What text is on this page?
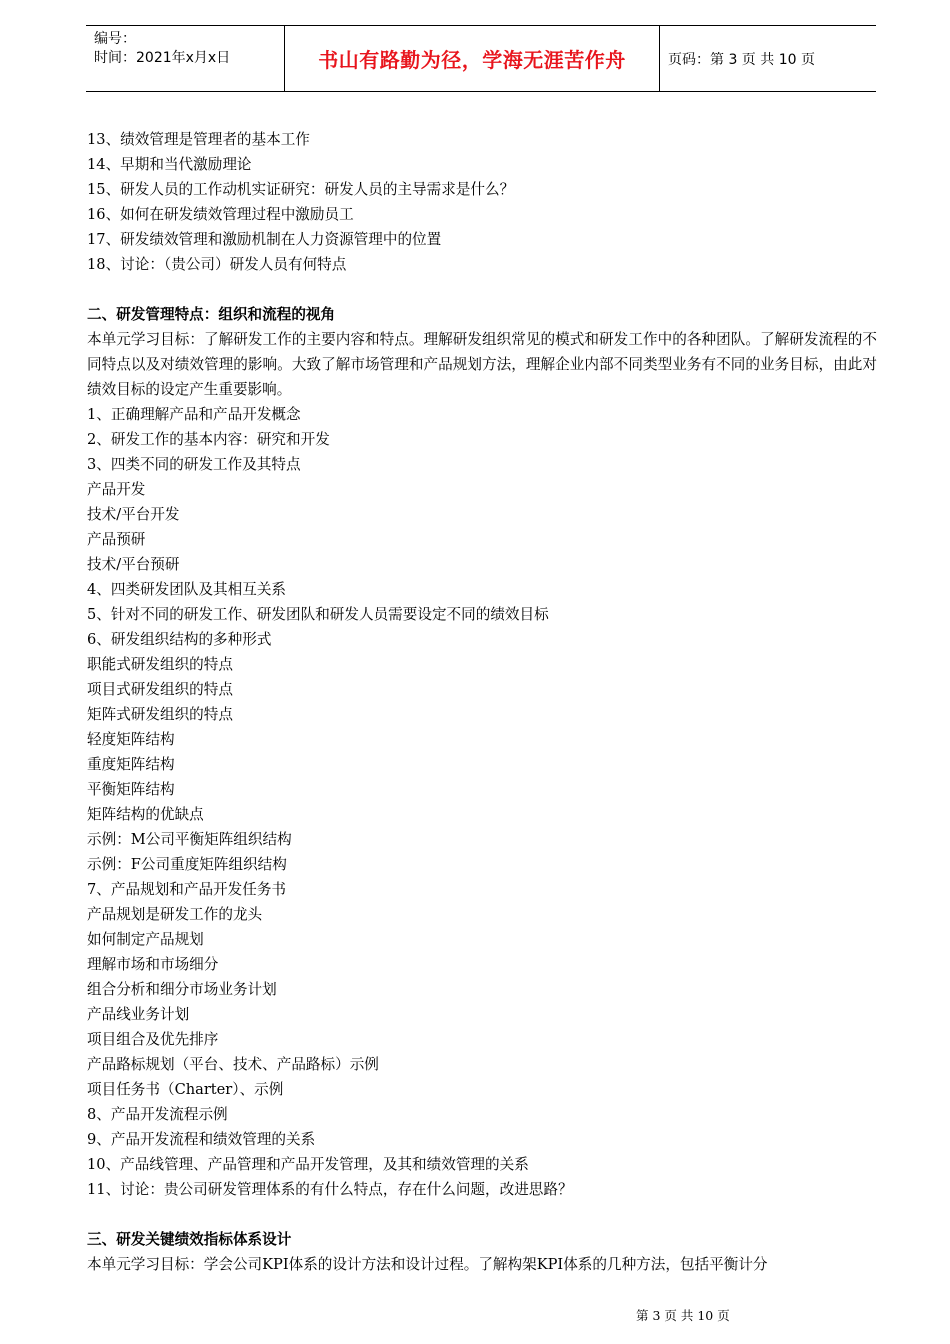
编号：
时间：2021年x月x日	书山有路勤为径，学海无涯苦作舟	页码：第 3 页 共 10 页
13、绩效管理是管理者的基本工作
14、早期和当代激励理论
15、研发人员的工作动机实证研究：研发人员的主导需求是什么？
16、如何在研发绩效管理过程中激励员工
17、研发绩效管理和激励机制在人力资源管理中的位置
18、讨论：（贵公司）研发人员有何特点
二、研发管理特点：组织和流程的视角
本单元学习目标：了解研发工作的主要内容和特点。理解研发组织常见的模式和研发工作中的各种团队。了解研发流程的不同特点以及对绩效管理的影响。大致了解市场管理和产品规划方法，理解企业内部不同类型业务有不同的业务目标，由此对绩效目标的设定产生重要影响。
1、正确理解产品和产品开发概念
2、研发工作的基本内容：研究和开发
3、四类不同的研发工作及其特点
产品开发
技术/平台开发
产品预研
技术/平台预研
4、四类研发团队及其相互关系
5、针对不同的研发工作、研发团队和研发人员需要设定不同的绩效目标
6、研发组织结构的多种形式
职能式研发组织的特点
项目式研发组织的特点
矩阵式研发组织的特点
轻度矩阵结构
重度矩阵结构
平衡矩阵结构
矩阵结构的优缺点
示例：M公司平衡矩阵组织结构
示例：F公司重度矩阵组织结构
7、产品规划和产品开发任务书
产品规划是研发工作的龙头
如何制定产品规划
理解市场和市场细分
组合分析和细分市场业务计划
产品线业务计划
项目组合及优先排序
产品路标规划（平台、技术、产品路标）示例
项目任务书（Charter）、示例
8、产品开发流程示例
9、产品开发流程和绩效管理的关系
10、产品线管理、产品管理和产品开发管理，及其和绩效管理的关系
11、讨论：贵公司研发管理体系的有什么特点，存在什么问题，改进思路？
三、研发关键绩效指标体系设计
本单元学习目标：学会公司KPI体系的设计方法和设计过程。了解构架KPI体系的几种方法，包括平衡计分
第 3 页 共 10 页
